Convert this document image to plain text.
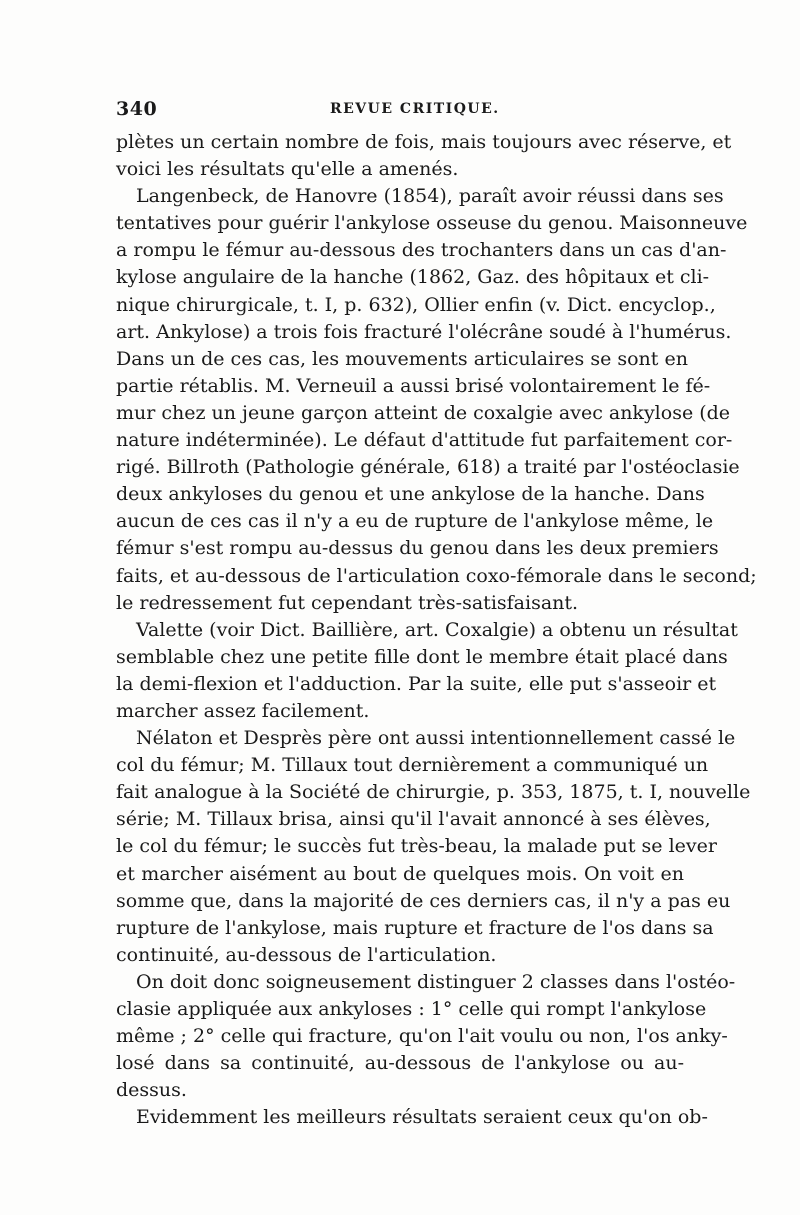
340	REVUE CRITIQUE.
plètes un certain nombre de fois, mais toujours avec réserve, et
voici les résultats qu'elle a amenés.
Langenbeck, de Hanovre (1854), paraît avoir réussi dans ses
tentatives pour guérir l'ankylose osseuse du genou. Maisonneuve
a rompu le fémur au-dessous des trochanters dans un cas d'an-
kylose angulaire de la hanche (1862, Gaz. des hôpitaux et cli-
nique chirurgicale, t. I, p. 632), Ollier enfin (v. Dict. encyclop.,
art. Ankylose) a trois fois fracturé l'olécrâne soudé à l'humérus.
Dans un de ces cas, les mouvements articulaires se sont en
partie rétablis. M. Verneuil a aussi brisé volontairement le fé-
mur chez un jeune garçon atteint de coxalgie avec ankylose (de
nature indéterminée). Le défaut d'attitude fut parfaitement cor-
rigé. Billroth (Pathologie générale, 618) a traité par l'ostéoclasie
deux ankyloses du genou et une ankylose de la hanche. Dans
aucun de ces cas il n'y a eu de rupture de l'ankylose même, le
fémur s'est rompu au-dessus du genou dans les deux premiers
faits, et au-dessous de l'articulation coxo-fémorale dans le second;
le redressement fut cependant très-satisfaisant.
Valette (voir Dict. Baillière, art. Coxalgie) a obtenu un résultat
semblable chez une petite fille dont le membre était placé dans
la demi-flexion et l'adduction. Par la suite, elle put s'asseoir et
marcher assez facilement.
Nélaton et Desprès père ont aussi intentionnellement cassé le
col du fémur; M. Tillaux tout dernièrement a communiqué un
fait analogue à la Société de chirurgie, p. 353, 1875, t. I, nouvelle
série; M. Tillaux brisa, ainsi qu'il l'avait annoncé à ses élèves,
le col du fémur; le succès fut très-beau, la malade put se lever
et marcher aisément au bout de quelques mois. On voit en
somme que, dans la majorité de ces derniers cas, il n'y a pas eu
rupture de l'ankylose, mais rupture et fracture de l'os dans sa
continuité, au-dessous de l'articulation.
On doit donc soigneusement distinguer 2 classes dans l'ostéo-
clasie appliquée aux ankyloses : 1° celle qui rompt l'ankylose
même ; 2° celle qui fracture, qu'on l'ait voulu ou non, l'os anky-
losé dans sa continuité, au-dessous de l'ankylose ou au-
dessus.
Evidemment les meilleurs résultats seraient ceux qu'on ob-
